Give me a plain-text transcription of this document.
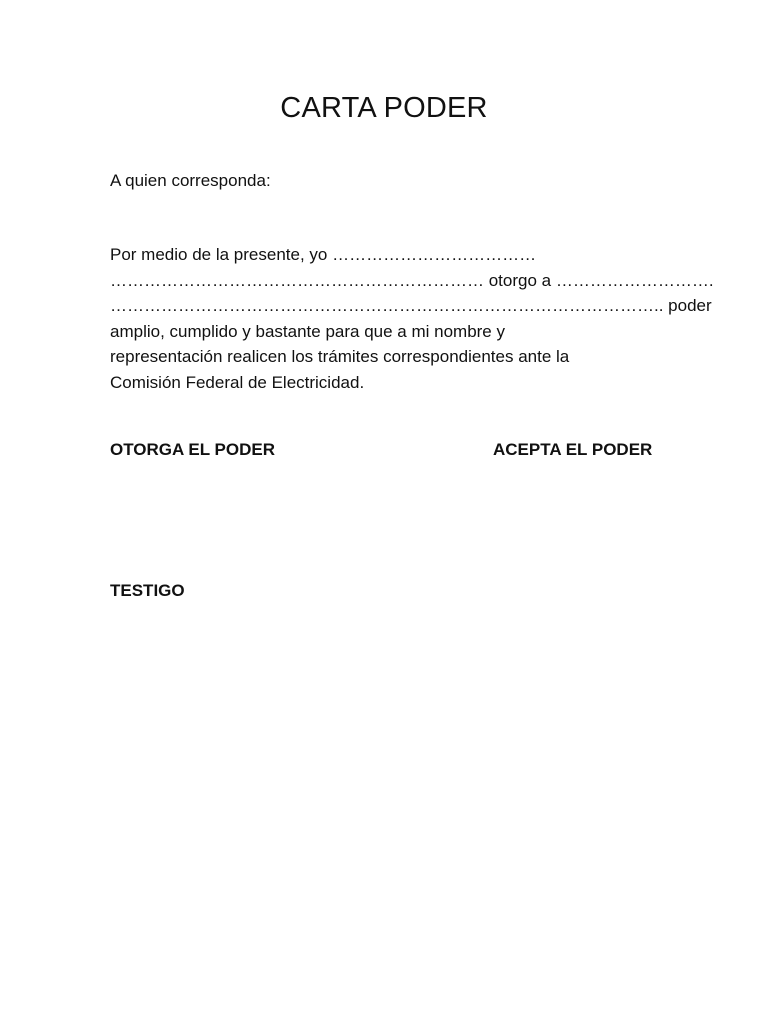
CARTA PODER
A quien corresponda:
Por medio de la presente, yo ………………………………
………………………………………………………… otorgo a ……………………….
…………………………………………………………………………………….. poder
amplio, cumplido y bastante para que a mi nombre y
representación realicen los trámites correspondientes ante la
Comisión Federal de Electricidad.
OTORGA EL PODER	ACEPTA EL PODER
TESTIGO
